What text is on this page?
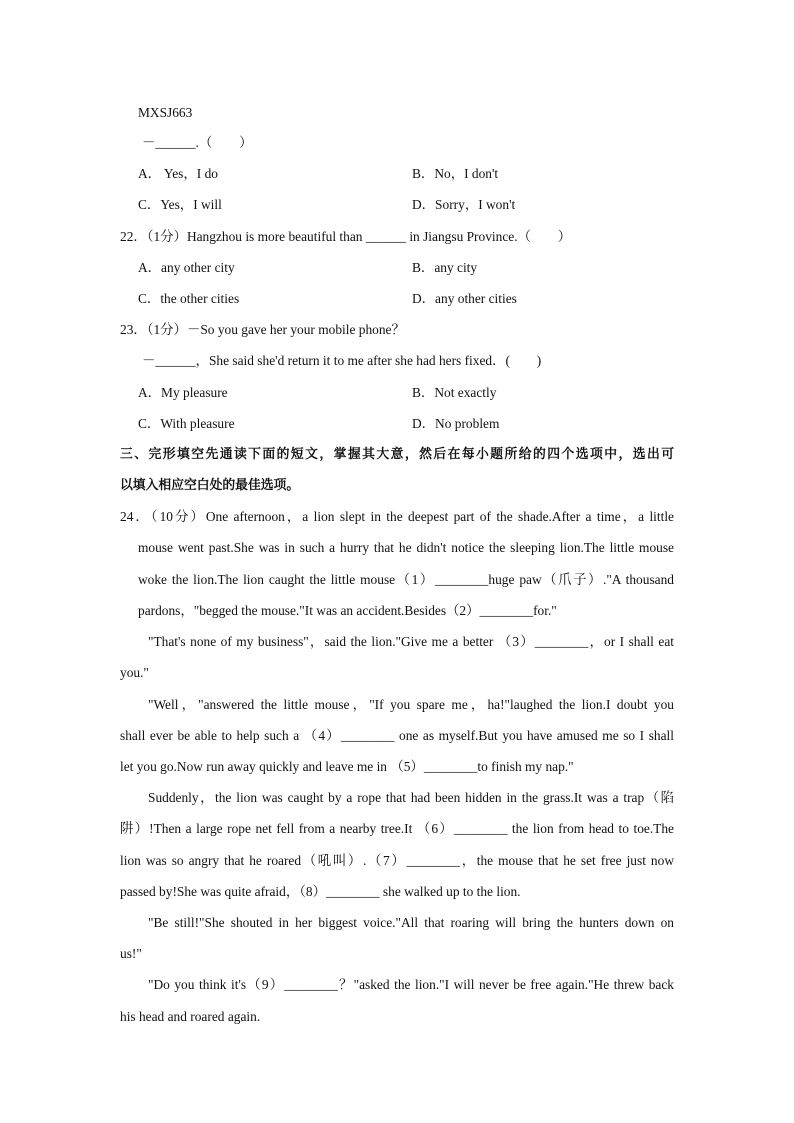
MXSJ663
－______.（　　）
A． Yes，I do	B．No，I don't
C．Yes，I will	D．Sorry，I won't
22．（1分）Hangzhou is more beautiful than ______ in Jiangsu Province.（　　）
A．any other city	B．any city
C．the other cities	D．any other cities
23．（1分）－So you gave her your mobile phone？
－______，She said she'd return it to me after she had hers fixed．(　　)
A．My pleasure	B．Not exactly
C．With pleasure	D．No problem
三、完形填空先通读下面的短文，掌握其大意，然后在每小题所给的四个选项中，选出可
以填入相应空白处的最佳选项。
24．（10分）One afternoon，a lion slept in the deepest part of the shade.After a time，a little
mouse went past.She was in such a hurry that he didn't notice the sleeping lion.The little mouse
woke the lion.The lion caught the little mouse（1）________huge paw（爪子）."A thousand
pardons，"begged the mouse."It was an accident.Besides（2）________for."
"That's none of my business"，said the lion."Give me a better （3）________，or I shall eat
you."
"Well，"answered the little mouse，"If you spare me，ha!"laughed the lion.I doubt you
shall ever be able to help such a （4）________ one as myself.But you have amused me so I shall
let you go.Now run away quickly and leave me in （5）________to finish my nap."
Suddenly，the lion was caught by a rope that had been hidden in the grass.It was a trap（陷
阱）!Then a large rope net fell from a nearby tree.It （6）________ the lion from head to toe.The
lion was so angry that he roared（吼叫）.（7）________，the mouse that he set free just now
passed by!She was quite afraid，（8）________ she walked up to the lion.
"Be still!"She shouted in her biggest voice."All that roaring will bring the hunters down on
us!"
"Do you think it's（9）________？"asked the lion."I will never be free again."He threw back
his head and roared again.
